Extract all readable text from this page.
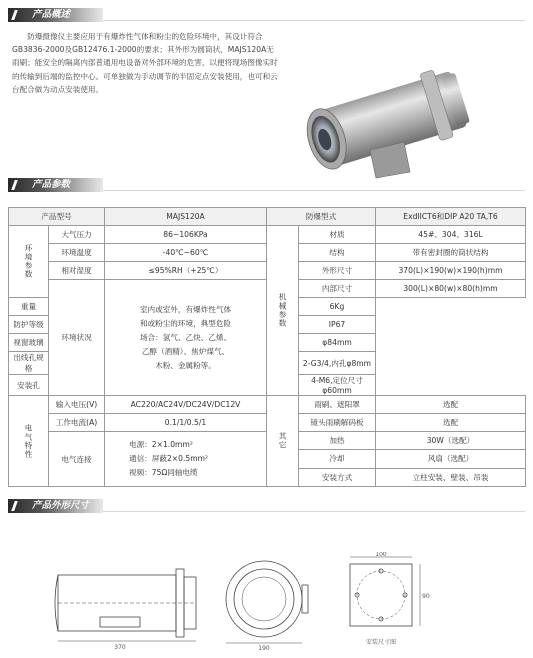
产品概述

防爆摄像仪主要应用于有爆炸性气体和粉尘的危险环境中，其设计符合GB3836-2000及GB12476.1-2000的要求；其外形为圆筒状，MAJS120A无雨刷；能安全的隔离内部普通用电设备对外部环境的危害，以便将现场图像实时的传输到后端的监控中心。可单独做为手动调节的半固定点安装使用，也可和云台配合做为动点安装使用。

产品参数
产品型号		MAJS120A	防爆型式		ExdIICT6和DIP A20 TA,T6
环境参数	大气压力	86~106KPa	机械参数	材质	45#、304、316L
	环境温度	-40℃~60℃		结构	带有密封圈的筒状结构
	相对湿度	≤95%RH（+25℃）		外形尺寸	370(L)×190(w)×190(h)mm
	环境状况	室内或室外，有爆炸性气体
和或粉尘的环境，典型危险
场合：氢气、乙炔、乙烯、
乙醇（酒精）、焦炉煤气、
木粉、金属粉等。		内部尺寸	300(L)×80(w)×80(h)mm
重量				6Kg	
防护等级				IP67	
视窗玻璃				φ84mm	
出线孔规格				2-G3/4,内孔φ8mm	
安装孔				4-M6,定位尺寸φ60mm	
电气特性	输入电压(V)	AC220/AC24V/DC24V/DC12V	其它	雨刷、遮阳罩	选配
	工作电流(A)	0.1/1/0.5/1		镜头雨刷解码板	选配
	电气连接	电源：2×1.0mm²
通信：屏蔽2×0.5mm²
视频：75Ω同轴电缆		加热	30W（选配）
				冷却	风扇（选配）
				安装方式	立柱安装、壁装、吊装
产品外形尺寸
370	190
100
90
安装尺寸图
